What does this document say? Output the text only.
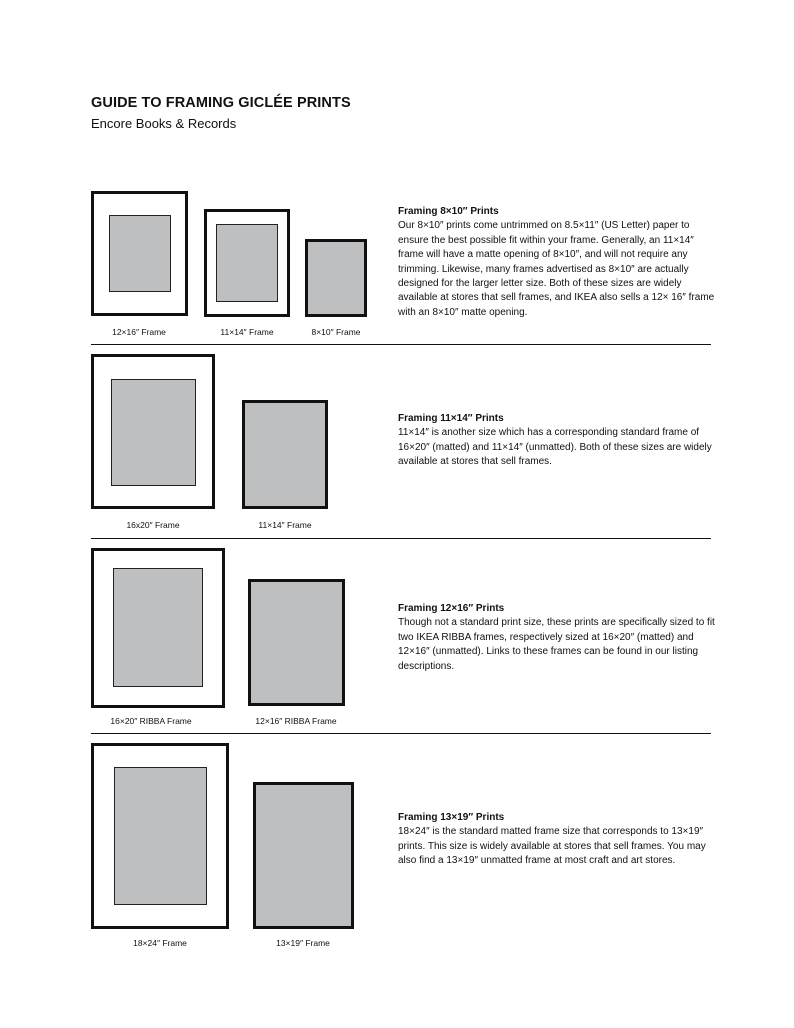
GUIDE TO FRAMING GICLÉE PRINTS

Encore Books & Records

12×16″ Frame	11×14″ Frame	8×10″ Frame
Framing 8×10″ Prints
Our 8×10″ prints come untrimmed on 8.5×11″ (US Letter) paper to ensure the best possible fit within your frame. Generally, an 11×14″ frame will have a matte opening of 8×10″, and will not require any trimming. Likewise, many frames advertised as 8×10″ are actually designed for the larger letter size. Both of these sizes are widely available at stores that sell frames, and IKEA also sells a 12× 16″ frame with an 8×10″ matte opening.
16x20″ Frame	11×14″ Frame
Framing 11×14″ Prints
11×14″ is another size which has a corresponding standard frame of 16×20″ (matted) and 11×14″ (unmatted). Both of these sizes are widely available at stores that sell frames.
16×20″ RIBBA Frame	12×16″ RIBBA Frame
Framing 12×16″ Prints
Though not a standard print size, these prints are specifically sized to fit two IKEA RIBBA frames, respectively sized at 16×20″ (matted) and 12×16″ (unmatted). Links to these frames can be found in our listing descriptions.
18×24″ Frame	13×19″ Frame
Framing 13×19″ Prints
18×24″ is the standard matted frame size that corresponds to 13×19″ prints. This size is widely available at stores that sell frames. You may also find a 13×19″ unmatted frame at most craft and art stores.
